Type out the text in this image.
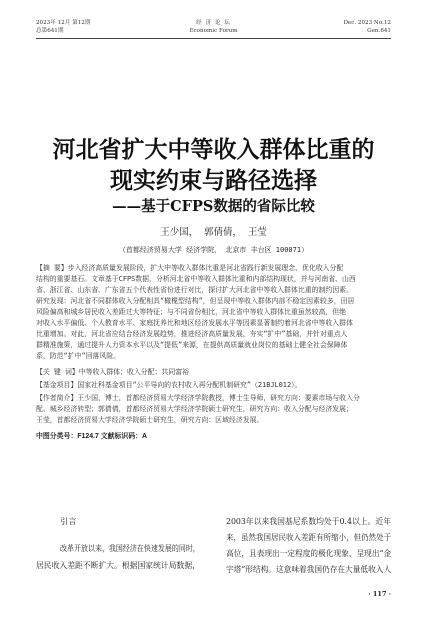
2023年 12月 第12期
总第641期
经 济 论 坛
Economic Forum
Dec. 2023 No.12
Gen.641
河北省扩大中等收入群体比重的
现实约束与路径选择
——基于CFPS数据的省际比较
王少国， 郭倩倩， 王莹
（首都经济贸易大学 经济学院， 北京市 丰台区 100071）
【摘 要】步入经济高质量发展阶段，扩大中等收入群体比重是河北省践行新发展理念、优化收入分配
结构的重要基石。文章基于CFPS数据，分析河北省中等收入群体比重和内部结构现状，并与河南省、山西
省、浙江省、山东省、广东省五个代表性省份进行对比，探讨扩大河北省中等收入群体比重的制约因素。
研究发现：河北省不同群体收入分配相具“橄榄型结构”，但呈现中等收入群体内部不稳定因素较多，田居
风险偏高和城乡居民收入差距过大等特征；与不同省份相比，河北省中等收入群体比重虽然较高，但绝
对收入水平偏低、个人教育水平、家庭抚养比和地区经济发展水平等因素显著制约着河北省中等收入群体
比重增加。对此，河北省应结合经济发展趋势，推进经济高质量发展，夯实“扩中”基础，并针对重点人
群精准施策，通过提升人力资本水平以及“提低”来源，在提供高质量就业岗位的基础上健全社会保障体
系，防范“扩中”回落风险。
【关 键 词】中等收入群体；收入分配；共同富裕
【基金项目】国家社科基金项目“公平导向的农村收入再分配机制研究”（21BJL012）。
【作者简介】王少国，博士，首都经济贸易大学经济学院教授，博士生导师，研究方向：要素市场与收入分
配、城乡经济转型；郭倩倩，首都经济贸易大学经济学院硕士研究生，研究方向：收入分配与经济发展；
王莹，首都经济贸易大学经济学院硕士研究生，研究方向：区域经济发展。
中图分类号：F124.7 文献标识码：A
引言
改革开放以来，我国经济在快速发展的同时，
居民收入差距不断扩大。根据国家统计局数据，
2003年以来我国基尼系数均处于0.4以上。近年
来，虽然我国居民收入差距有所缩小，但仍然处于
高位，且表现出一定程度的极化现象，呈现出“金
字塔”形结构。这意味着我国仍存在大量低收入人
· 117 ·
